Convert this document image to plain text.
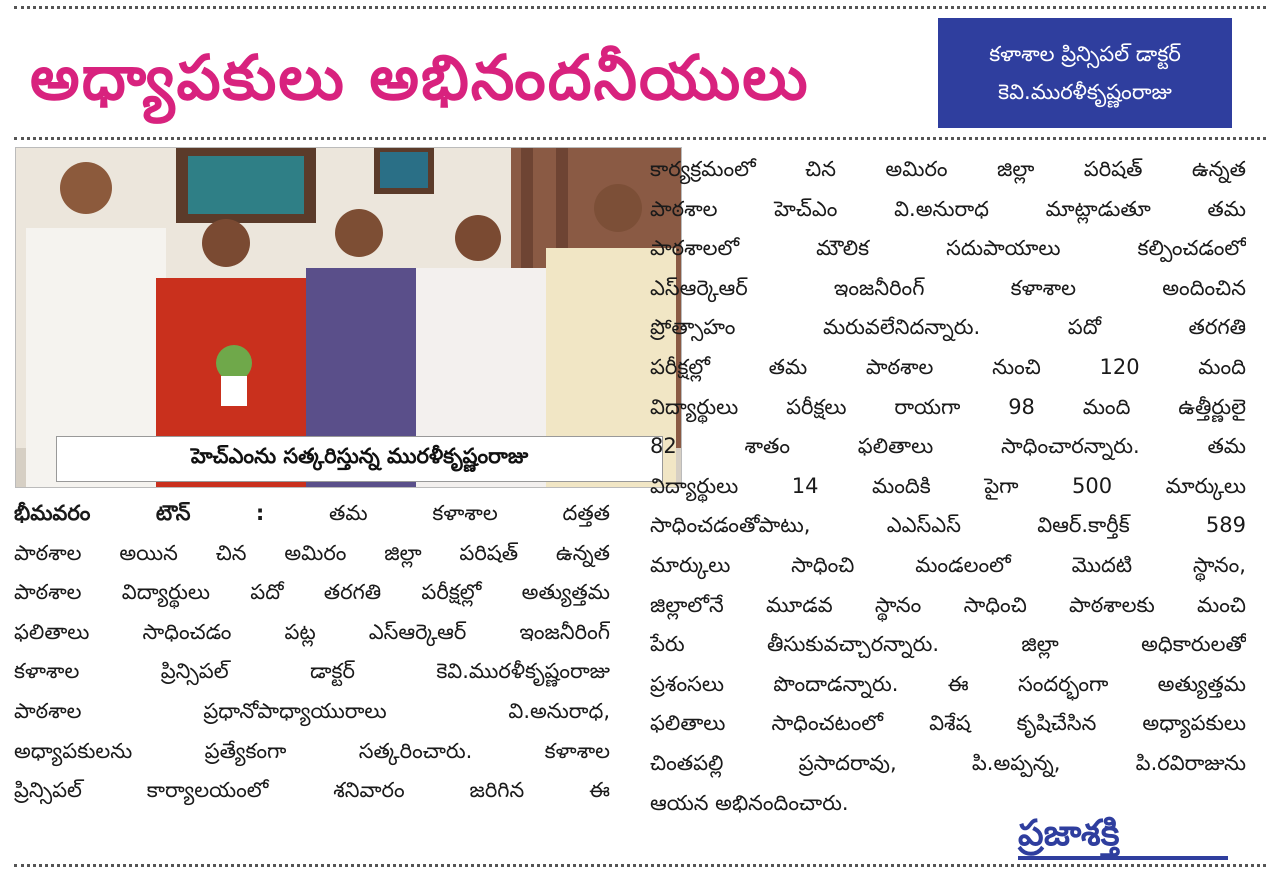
అధ్యాపకులు అభినందనీయులు	కళాశాల ప్రిన్సిపల్ డాక్టర్
కెవి.మురళీకృష్ణంరాజు
హెచ్ఎంను సత్కరిస్తున్న మురళీకృష్ణంరాజు

భీమవరం టౌన్ :	తమ కళాశాల దత్తత

పాఠశాల అయిన చిన అమిరం జిల్లా పరిషత్ ఉన్నత

పాఠశాల విద్యార్థులు పదో తరగతి పరీక్షల్లో అత్యుత్తమ

ఫలితాలు సాధించడం పట్ల ఎస్ఆర్కెఆర్ ఇంజనీరింగ్

కళాశాల ప్రిన్సిపల్ డాక్టర్ కెవి.మురళీకృష్ణంరాజు

పాఠశాల ప్రధానోపాధ్యాయురాలు వి.అనురాధ,

అధ్యాపకులను ప్రత్యేకంగా సత్కరించారు. కళాశాల

ప్రిన్సిపల్ కార్యాలయంలో శనివారం జరిగిన ఈ

కార్యక్రమంలో చిన అమిరం జిల్లా పరిషత్ ఉన్నత

పాఠశాల హెచ్ఎం వి.అనురాధ మాట్లాడుతూ తమ

పాఠశాలలో మౌలిక సదుపాయాలు కల్పించడంలో

ఎస్ఆర్కెఆర్ ఇంజనీరింగ్ కళాశాల అందించిన

ప్రోత్సాహం మరువలేనిదన్నారు. పదో తరగతి

పరీక్షల్లో తమ పాఠశాల నుంచి 120 మంది

విద్యార్థులు పరీక్షలు రాయగా 98 మంది ఉత్తీర్ణులై

82 శాతం ఫలితాలు సాధించారన్నారు. తమ

విద్యార్థులు 14 మందికి పైగా 500 మార్కులు

సాధించడంతోపాటు, ఎఎస్ఎస్ విఆర్.కార్తీక్ 589

మార్కులు సాధించి మండలంలో మొదటి స్థానం,

జిల్లాలోనే మూడవ స్థానం సాధించి పాఠశాలకు మంచి

పేరు తీసుకువచ్చారన్నారు. జిల్లా అధికారులతో

ప్రశంసలు పొందాడన్నారు. ఈ సందర్భంగా అత్యుత్తమ

ఫలితాలు సాధించటంలో విశేష కృషిచేసిన అధ్యాపకులు

చింతపల్లి ప్రసాదరావు, పి.అప్పన్న, పి.రవిరాజును

ఆయన అభినందించారు.

ప్రజాశక్తి
